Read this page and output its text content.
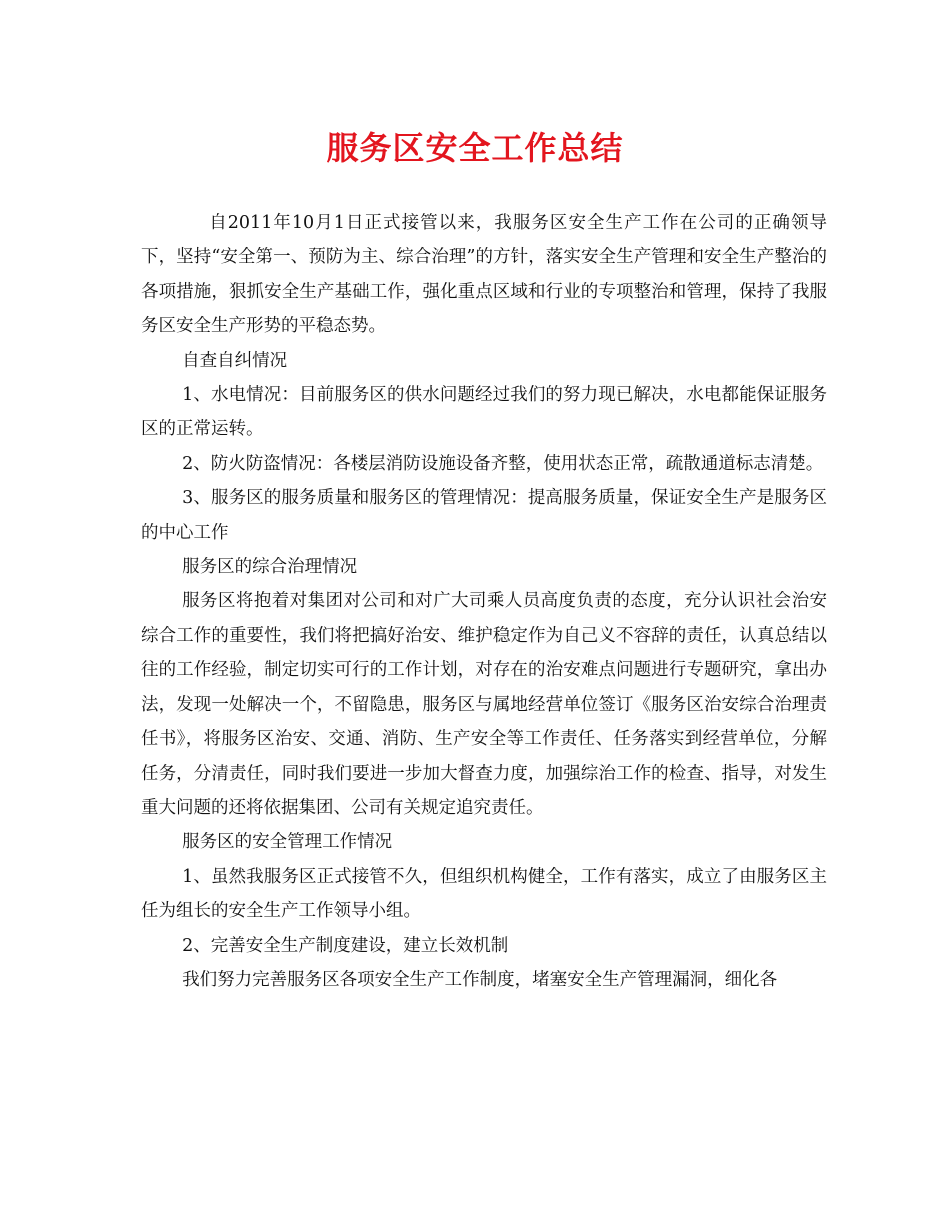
服务区安全工作总结

自2011年10月1日正式接管以来，我服务区安全生产工作在公司的正确领导下，坚持“安全第一、预防为主、综合治理”的方针，落实安全生产管理和安全生产整治的各项措施，狠抓安全生产基础工作，强化重点区域和行业的专项整治和管理，保持了我服务区安全生产形势的平稳态势。

自查自纠情况

1、水电情况：目前服务区的供水问题经过我们的努力现已解决，水电都能保证服务区的正常运转。

2、防火防盗情况：各楼层消防设施设备齐整，使用状态正常，疏散通道标志清楚。

3、服务区的服务质量和服务区的管理情况：提高服务质量，保证安全生产是服务区的中心工作

服务区的综合治理情况

服务区将抱着对集团对公司和对广大司乘人员高度负责的态度，充分认识社会治安综合工作的重要性，我们将把搞好治安、维护稳定作为自己义不容辞的责任，认真总结以往的工作经验，制定切实可行的工作计划，对存在的治安难点问题进行专题研究，拿出办法，发现一处解决一个，不留隐患，服务区与属地经营单位签订《服务区治安综合治理责任书》，将服务区治安、交通、消防、生产安全等工作责任、任务落实到经营单位，分解任务，分清责任，同时我们要进一步加大督查力度，加强综治工作的检查、指导，对发生重大问题的还将依据集团、公司有关规定追究责任。

服务区的安全管理工作情况

1、虽然我服务区正式接管不久，但组织机构健全，工作有落实，成立了由服务区主任为组长的安全生产工作领导小组。

2、完善安全生产制度建设，建立长效机制

我们努力完善服务区各项安全生产工作制度，堵塞安全生产管理漏洞，细化各
